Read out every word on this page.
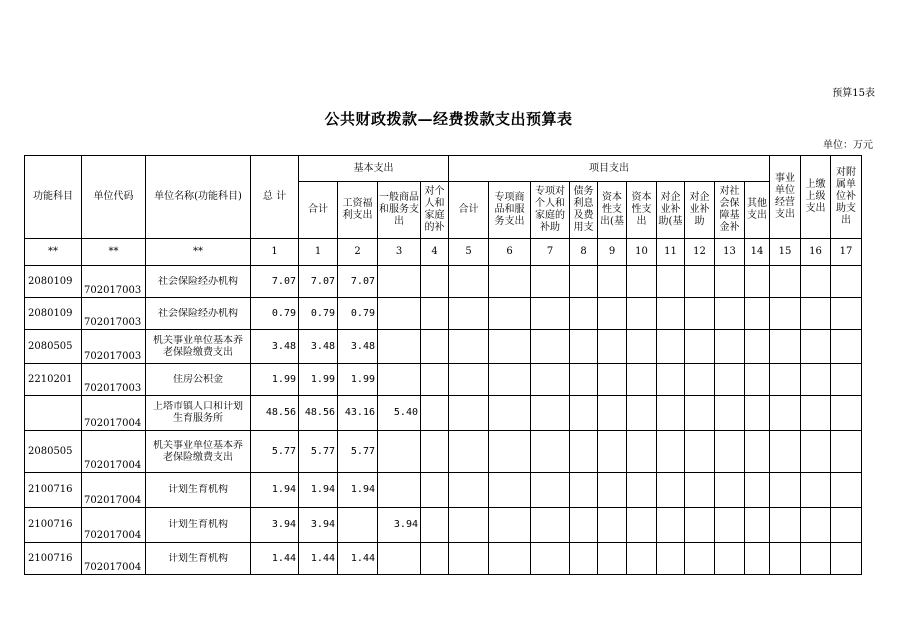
预算15表
公共财政拨款—经费拨款支出预算表
单位：万元
功能科目	单位代码	单位名称(功能科目)	总 计	基本支出				项目支出										事业单位经营支出	上缴上级支出	对附属单位补助支出
				合计	工资福利支出	一般商品和服务支出	对个人和家庭的补	合计	专项商品和服务支出	专项对个人和家庭的补助	债务利息及费用支	资本性支出(基	资本性支出	对企业补助(基	对企业补助	对社会保障基金补	其他支出			
**	**	**	1	1	2	3	4	5	6	7	8	9	10	11	12	13	14	15	16	17
2080109	702017003	社会保险经办机构	7.07	7.07	7.07															
2080109	702017003	社会保险经办机构	0.79	0.79	0.79															
2080505	702017003	机关事业单位基本养老保险缴费支出	3.48	3.48	3.48															
2210201	702017003	住房公积金	1.99	1.99	1.99															
	702017004	上塔市镇人口和计划生育服务所	48.56	48.56	43.16	5.40														
2080505	702017004	机关事业单位基本养老保险缴费支出	5.77	5.77	5.77															
2100716	702017004	计划生育机构	1.94	1.94	1.94															
2100716	702017004	计划生育机构	3.94	3.94		3.94														
2100716	702017004	计划生育机构	1.44	1.44	1.44															
